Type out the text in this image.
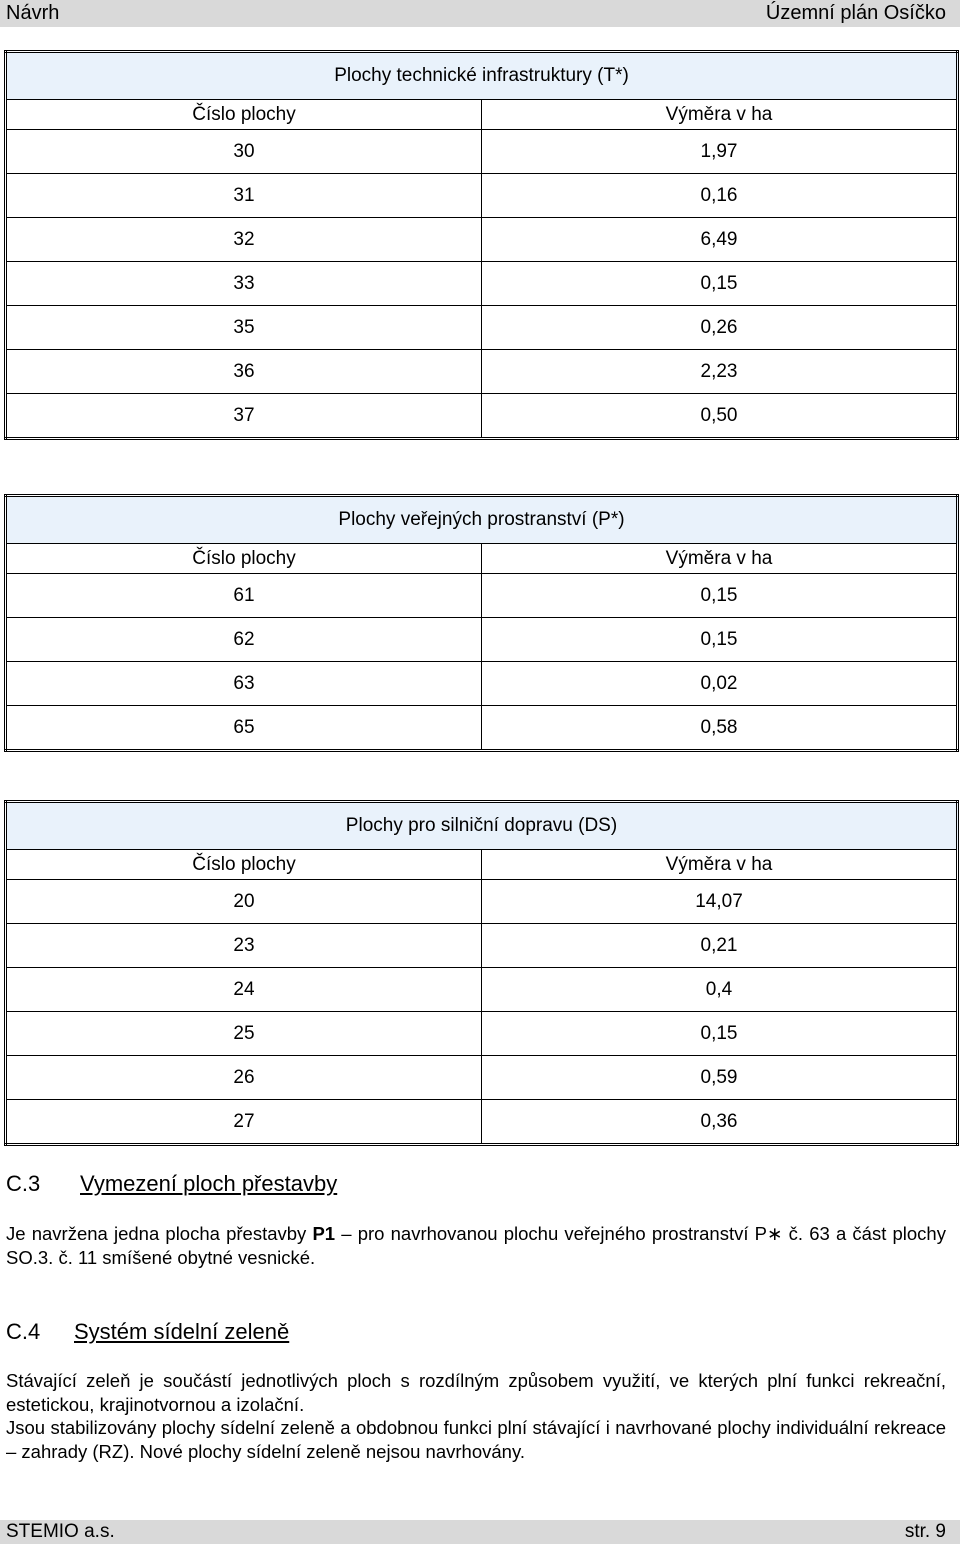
Návrh	Územní plán Osíčko
Plochy technické infrastruktury (T*)	
Číslo plochy	Výměra v ha
30	1,97
31	0,16
32	6,49
33	0,15
35	0,26
36	2,23
37	0,50
Plochy veřejných prostranství (P*)	
Číslo plochy	Výměra v ha
61	0,15
62	0,15
63	0,02
65	0,58
Plochy pro silniční dopravu (DS)	
Číslo plochy	Výměra v ha
20	14,07
23	0,21
24	0,4
25	0,15
26	0,59
27	0,36
C.3 Vymezení ploch přestavby
Je navržena jedna plocha přestavby P1 – pro navrhovanou plochu veřejného prostranství P∗ č. 63 a část plochy SO.3. č. 11 smíšené obytné vesnické.
C.4 Systém sídelní zeleně
Stávající zeleň je součástí jednotlivých ploch s rozdílným způsobem využití, ve kterých plní funkci rekreační, estetickou, krajinotvornou a izolační.
Jsou stabilizovány plochy sídelní zeleně a obdobnou funkci plní stávající i navrhované plochy individuální rekreace – zahrady (RZ). Nové plochy sídelní zeleně nejsou navrhovány.
STEMIO a.s.	str. 9
